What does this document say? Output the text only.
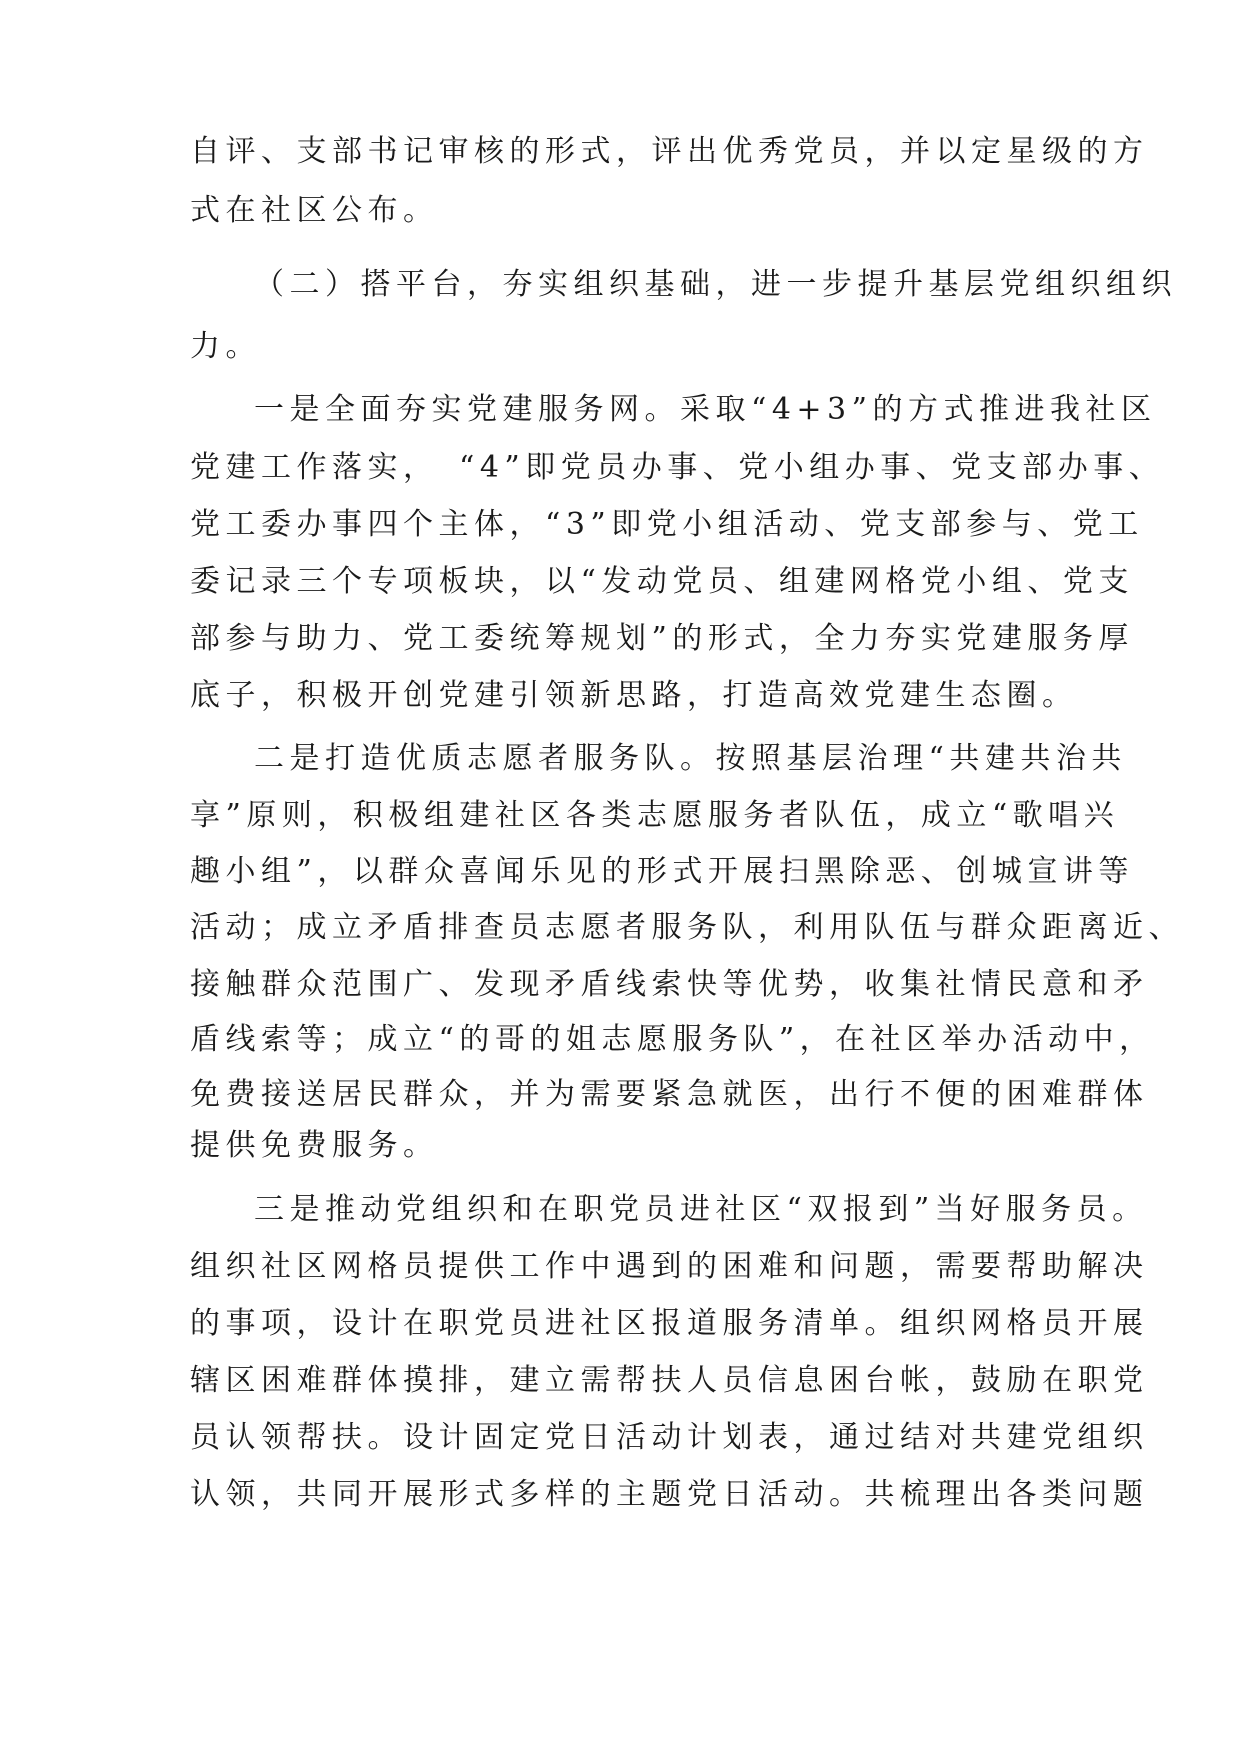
自评、支部书记审核的形式，评出优秀党员，并以定星级的方
式在社区公布。
（二）搭平台，夯实组织基础，进一步提升基层党组织组织
力。
一是全面夯实党建服务网。采取“4+3”的方式推进我社区
党建工作落实，　“4”即党员办事、党小组办事、党支部办事、
党工委办事四个主体，“3”即党小组活动、党支部参与、党工
委记录三个专项板块，以“发动党员、组建网格党小组、党支
部参与助力、党工委统筹规划”的形式，全力夯实党建服务厚
底子，积极开创党建引领新思路，打造高效党建生态圈。
二是打造优质志愿者服务队。按照基层治理“共建共治共
享”原则，积极组建社区各类志愿服务者队伍，成立“歌唱兴
趣小组”，以群众喜闻乐见的形式开展扫黑除恶、创城宣讲等
活动；成立矛盾排查员志愿者服务队，利用队伍与群众距离近、
接触群众范围广、发现矛盾线索快等优势，收集社情民意和矛
盾线索等；成立“的哥的姐志愿服务队”，在社区举办活动中，
免费接送居民群众，并为需要紧急就医，出行不便的困难群体
提供免费服务。
三是推动党组织和在职党员进社区“双报到”当好服务员。
组织社区网格员提供工作中遇到的困难和问题，需要帮助解决
的事项，设计在职党员进社区报道服务清单。组织网格员开展
辖区困难群体摸排，建立需帮扶人员信息困台帐，鼓励在职党
员认领帮扶。设计固定党日活动计划表，通过结对共建党组织
认领，共同开展形式多样的主题党日活动。共梳理出各类问题
